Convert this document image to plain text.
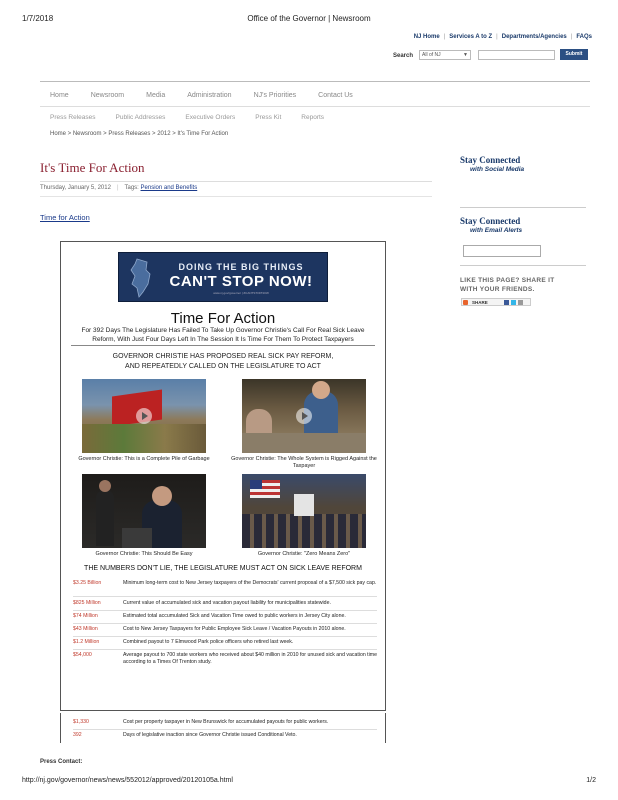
1/7/2018	Office of the Governor | Newsroom
NJ Home | Services A to Z | Departments/Agencies | FAQs
Search	All of NJ	▼	Submit
Home	Newsroom	Media	Administration	NJ's Priorities	Contact Us
Press Releases	Public Addresses	Executive Orders	Press Kit	Reports
Home > Newsroom > Press Releases > 2012 > It's Time For Action
It's Time For Action
Thursday, January 5, 2012 | Tags: Pension and Benefits
Time for Action
DOING THE BIG THINGS
CAN'T STOP NOW!
www.nj.gov/governor | #CANTSTOPNOW
Time For Action
For 392 Days The Legislature Has Failed To Take Up Governor Christie's Call For Real Sick Leave
Reform, With Just Four Days Left In The Session It Is Time For Them To Protect Taxpayers
GOVERNOR CHRISTIE HAS PROPOSED REAL SICK PAY REFORM,
AND REPEATEDLY CALLED ON THE LEGISLATURE TO ACT
Governor Christie: This is a Complete Pile of Garbage	Governor Christie: The Whole System is Rigged Against the Taxpayer
Governor Christie: This Should Be Easy	Governor Christie: "Zero Means Zero"
THE NUMBERS DON'T LIE, THE LEGISLATURE MUST ACT ON SICK LEAVE REFORM
$3.25 Billion	Minimum long-term cost to New Jersey taxpayers of the Democrats' current proposal of a $7,500 sick pay cap.
$825 Million	Current value of accumulated sick and vacation payout liability for municipalities statewide.
$74 Million	Estimated total accumulated Sick and Vacation Time owed to public workers in Jersey City alone.
$43 Million	Cost to New Jersey Taxpayers for Public Employee Sick Leave / Vacation Payouts in 2010 alone.
$1.2 Million	Combined payout to 7 Elmwood Park police officers who retired last week.
$54,000	Average payout to 700 state workers who received about $40 million in 2010 for unused sick and vacation time according to a Times Of Trenton study.
$1,330	Cost per property taxpayer in New Brunswick for accumulated payouts for public workers.
392	Days of legislative inaction since Governor Christie issued Conditional Veto.
Press Contact:
Stay Connected
with Social Media
Stay Connected
with Email Alerts
LIKE THIS PAGE? SHARE IT
WITH YOUR FRIENDS.
SHARE
http://nj.gov/governor/news/news/552012/approved/20120105a.html	1/2
